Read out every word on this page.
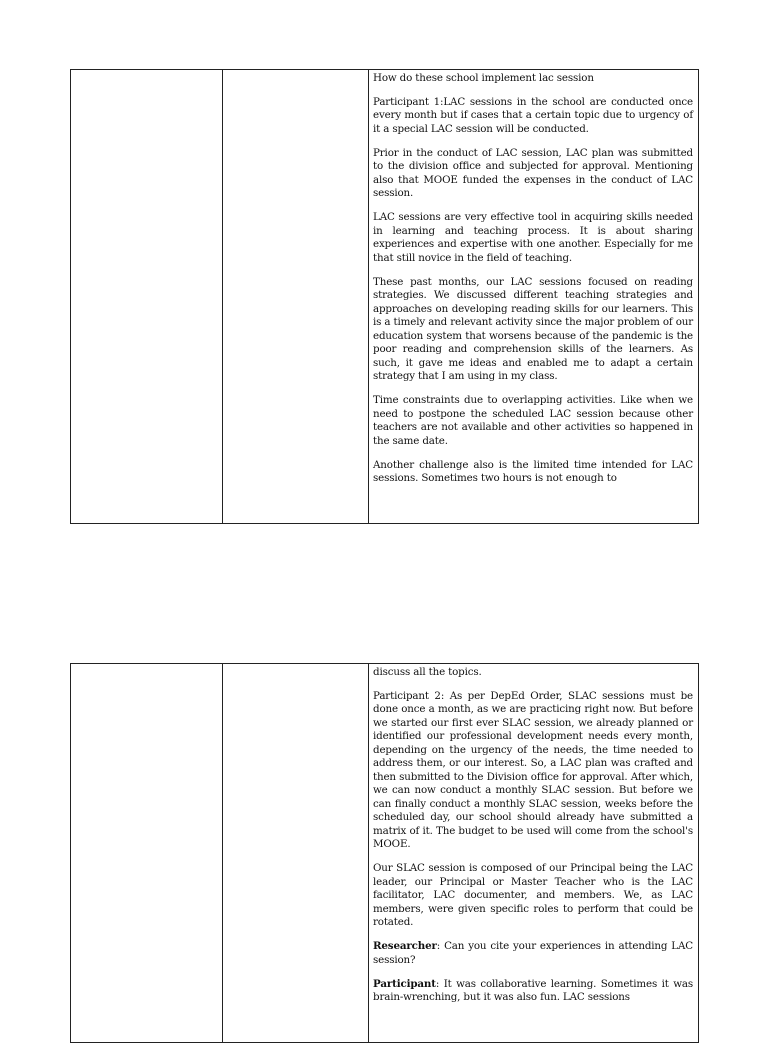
How do these school implement lac session

Participant 1:LAC sessions in the school are conducted once every month but if cases that a certain topic due to urgency of it a special LAC session will be conducted.

Prior in the conduct of LAC session, LAC plan was submitted to the division office and subjected for approval. Mentioning also that MOOE funded the expenses in the conduct of LAC session.

LAC sessions are very effective tool in acquiring skills needed in learning and teaching process. It is about sharing experiences and expertise with one another. Especially for me that still novice in the field of teaching.

These past months, our LAC sessions focused on reading strategies. We discussed different teaching strategies and approaches on developing reading skills for our learners. This is a timely and relevant activity since the major problem of our education system that worsens because of the pandemic is the poor reading and comprehension skills of the learners. As such, it gave me ideas and enabled me to adapt a certain strategy that I am using in my class.

Time constraints due to overlapping activities. Like when we need to postpone the scheduled LAC session because other teachers are not available and other activities so happened in the same date.

Another challenge also is the limited time intended for LAC sessions. Sometimes two hours is not enough to

discuss all the topics.

Participant 2: As per DepEd Order, SLAC sessions must be done once a month, as we are practicing right now. But before we started our first ever SLAC session, we already planned or identified our professional development needs every month, depending on the urgency of the needs, the time needed to address them, or our interest. So, a LAC plan was crafted and then submitted to the Division office for approval. After which, we can now conduct a monthly SLAC session. But before we can finally conduct a monthly SLAC session, weeks before the scheduled day, our school should already have submitted a matrix of it. The budget to be used will come from the school's MOOE.

Our SLAC session is composed of our Principal being the LAC leader, our Principal or Master Teacher who is the LAC facilitator, LAC documenter, and members. We, as LAC members, were given specific roles to perform that could be rotated.

Researcher: Can you cite your experiences in attending LAC session?

Participant: It was collaborative learning. Sometimes it was brain-wrenching, but it was also fun. LAC sessions
